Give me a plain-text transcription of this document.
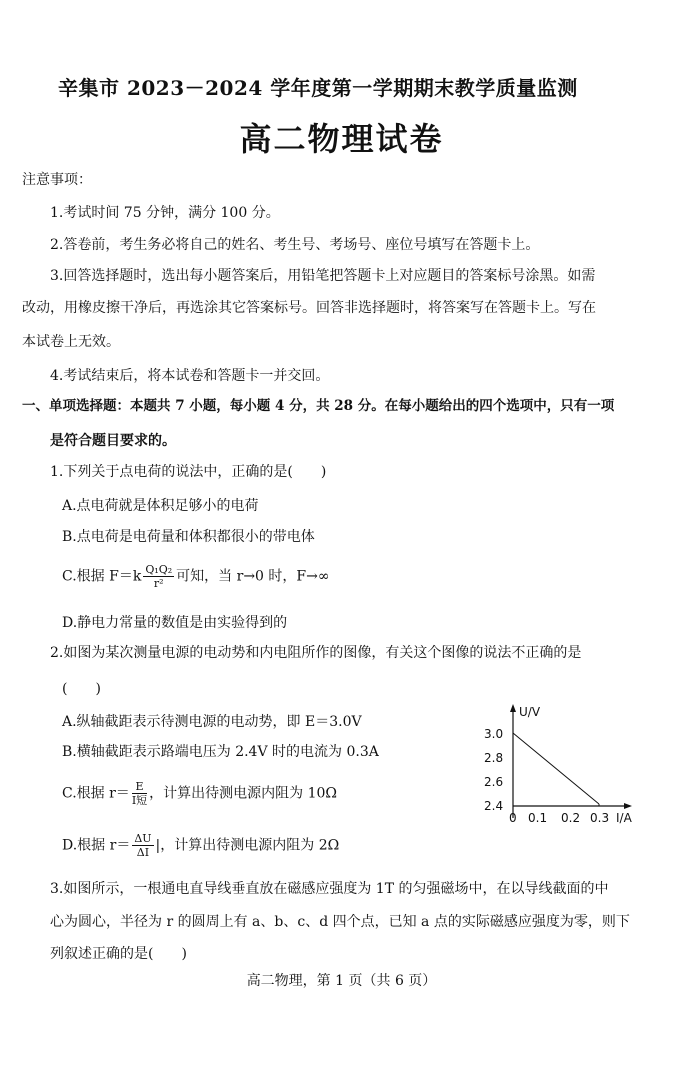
辛集市 2023－2024 学年度第一学期期末教学质量监测
高二物理试卷
注意事项：
1.考试时间 75 分钟，满分 100 分。
2.答卷前，考生务必将自己的姓名、考生号、考场号、座位号填写在答题卡上。
3.回答选择题时，选出每小题答案后，用铅笔把答题卡上对应题目的答案标号涂黑。如需
改动，用橡皮擦干净后，再选涂其它答案标号。回答非选择题时，将答案写在答题卡上。写在
本试卷上无效。
4.考试结束后，将本试卷和答题卡一并交回。
一、单项选择题：本题共 7 小题，每小题 4 分，共 28 分。在每小题给出的四个选项中，只有一项
是符合题目要求的。
1.下列关于点电荷的说法中，正确的是(　　)
A.点电荷就是体积足够小的电荷
B.点电荷是电荷量和体积都很小的带电体
C.根据 $F=k \frac{\text{Q₁Q₂}}{\text{r²}}$ 可知，当 r→0 时，F→∞
D.静电力常量的数值是由实验得到的
2.如图为某次测量电源的电动势和内电阻所作的图像，有关这个图像的说法不正确的是
(　　)
A.纵轴截距表示待测电源的电动势，即 E＝3.0V
B.横轴截距表示路端电压为 2.4V 时的电流为 0.3A
C.根据 $r= \frac{E}{\text{I短}}$ ，计算出待测电源内阻为 10Ω
D.根据 $r= \frac{\Delta U}{\Delta I}$ |，计算出待测电源内阻为 2Ω
U/V
I/A
3.0
2.8
2.6
2.4
0 0.1 0.2 0.3
3.如图所示，一根通电直导线垂直放在磁感应强度为 1T 的匀强磁场中，在以导线截面的中
心为圆心，半径为 r 的圆周上有 a、b、c、d 四个点，已知 a 点的实际磁感应强度为零，则下
列叙述正确的是(　　)
高二物理，第 1 页（共 6 页）
